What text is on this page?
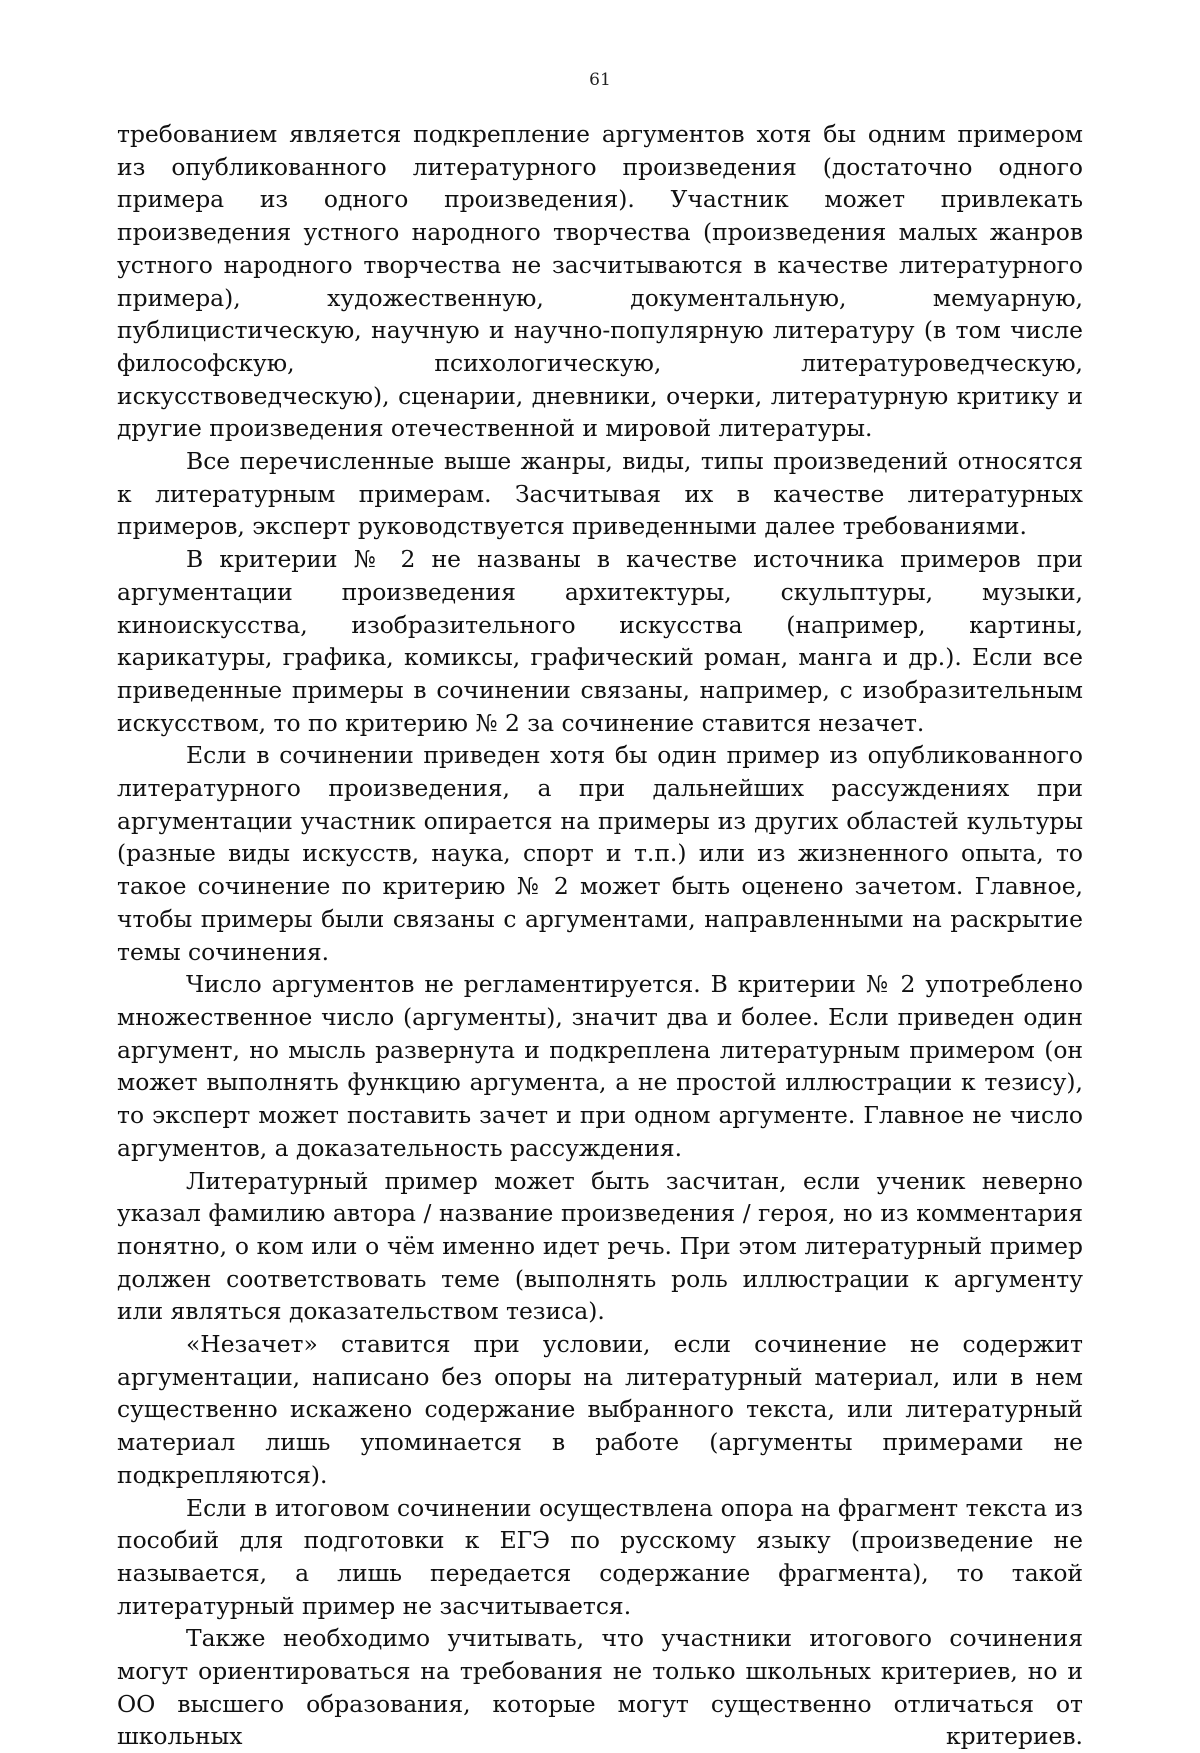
61

требованием является подкрепление аргументов хотя бы одним примером из опубликованного литературного произведения (достаточно одного примера из одного произведения). Участник может привлекать произведения устного народного творчества (произведения малых жанров устного народного творчества не засчитываются в качестве литературного примера), художественную, документальную, мемуарную, публицистическую, научную и научно-популярную литературу (в том числе философскую, психологическую, литературоведческую, искусствоведческую), сценарии, дневники, очерки, литературную критику и другие произведения отечественной и мировой литературы.

Все перечисленные выше жанры, виды, типы произведений относятся к литературным примерам. Засчитывая их в качестве литературных примеров, эксперт руководствуется приведенными далее требованиями.

В критерии № 2 не названы в качестве источника примеров при аргументации произведения архитектуры, скульптуры, музыки, киноискусства, изобразительного искусства (например, картины, карикатуры, графика, комиксы, графический роман, манга и др.). Если все приведенные примеры в сочинении связаны, например, с изобразительным искусством, то по критерию № 2 за сочинение ставится незачет.

Если в сочинении приведен хотя бы один пример из опубликованного литературного произведения, а при дальнейших рассуждениях при аргументации участник опирается на примеры из других областей культуры (разные виды искусств, наука, спорт и т.п.) или из жизненного опыта, то такое сочинение по критерию № 2 может быть оценено зачетом. Главное, чтобы примеры были связаны с аргументами, направленными на раскрытие темы сочинения.

Число аргументов не регламентируется. В критерии № 2 употреблено множественное число (аргументы), значит два и более. Если приведен один аргумент, но мысль развернута и подкреплена литературным примером (он может выполнять функцию аргумента, а не простой иллюстрации к тезису), то эксперт может поставить зачет и при одном аргументе. Главное не число аргументов, а доказательность рассуждения.

Литературный пример может быть засчитан, если ученик неверно указал фамилию автора / название произведения / героя, но из комментария понятно, о ком или о чём именно идет речь. При этом литературный пример должен соответствовать теме (выполнять роль иллюстрации к аргументу или являться доказательством тезиса).

«Незачет» ставится при условии, если сочинение не содержит аргументации, написано без опоры на литературный материал, или в нем существенно искажено содержание выбранного текста, или литературный материал лишь упоминается в работе (аргументы примерами не подкрепляются).

Если в итоговом сочинении осуществлена опора на фрагмент текста из пособий для подготовки к ЕГЭ по русскому языку (произведение не называется, а лишь передается содержание фрагмента), то такой литературный пример не засчитывается.

Также необходимо учитывать, что участники итогового сочинения могут ориентироваться на требования не только школьных критериев, но и ОО высшего образования, которые могут существенно отличаться от школьных критериев.
